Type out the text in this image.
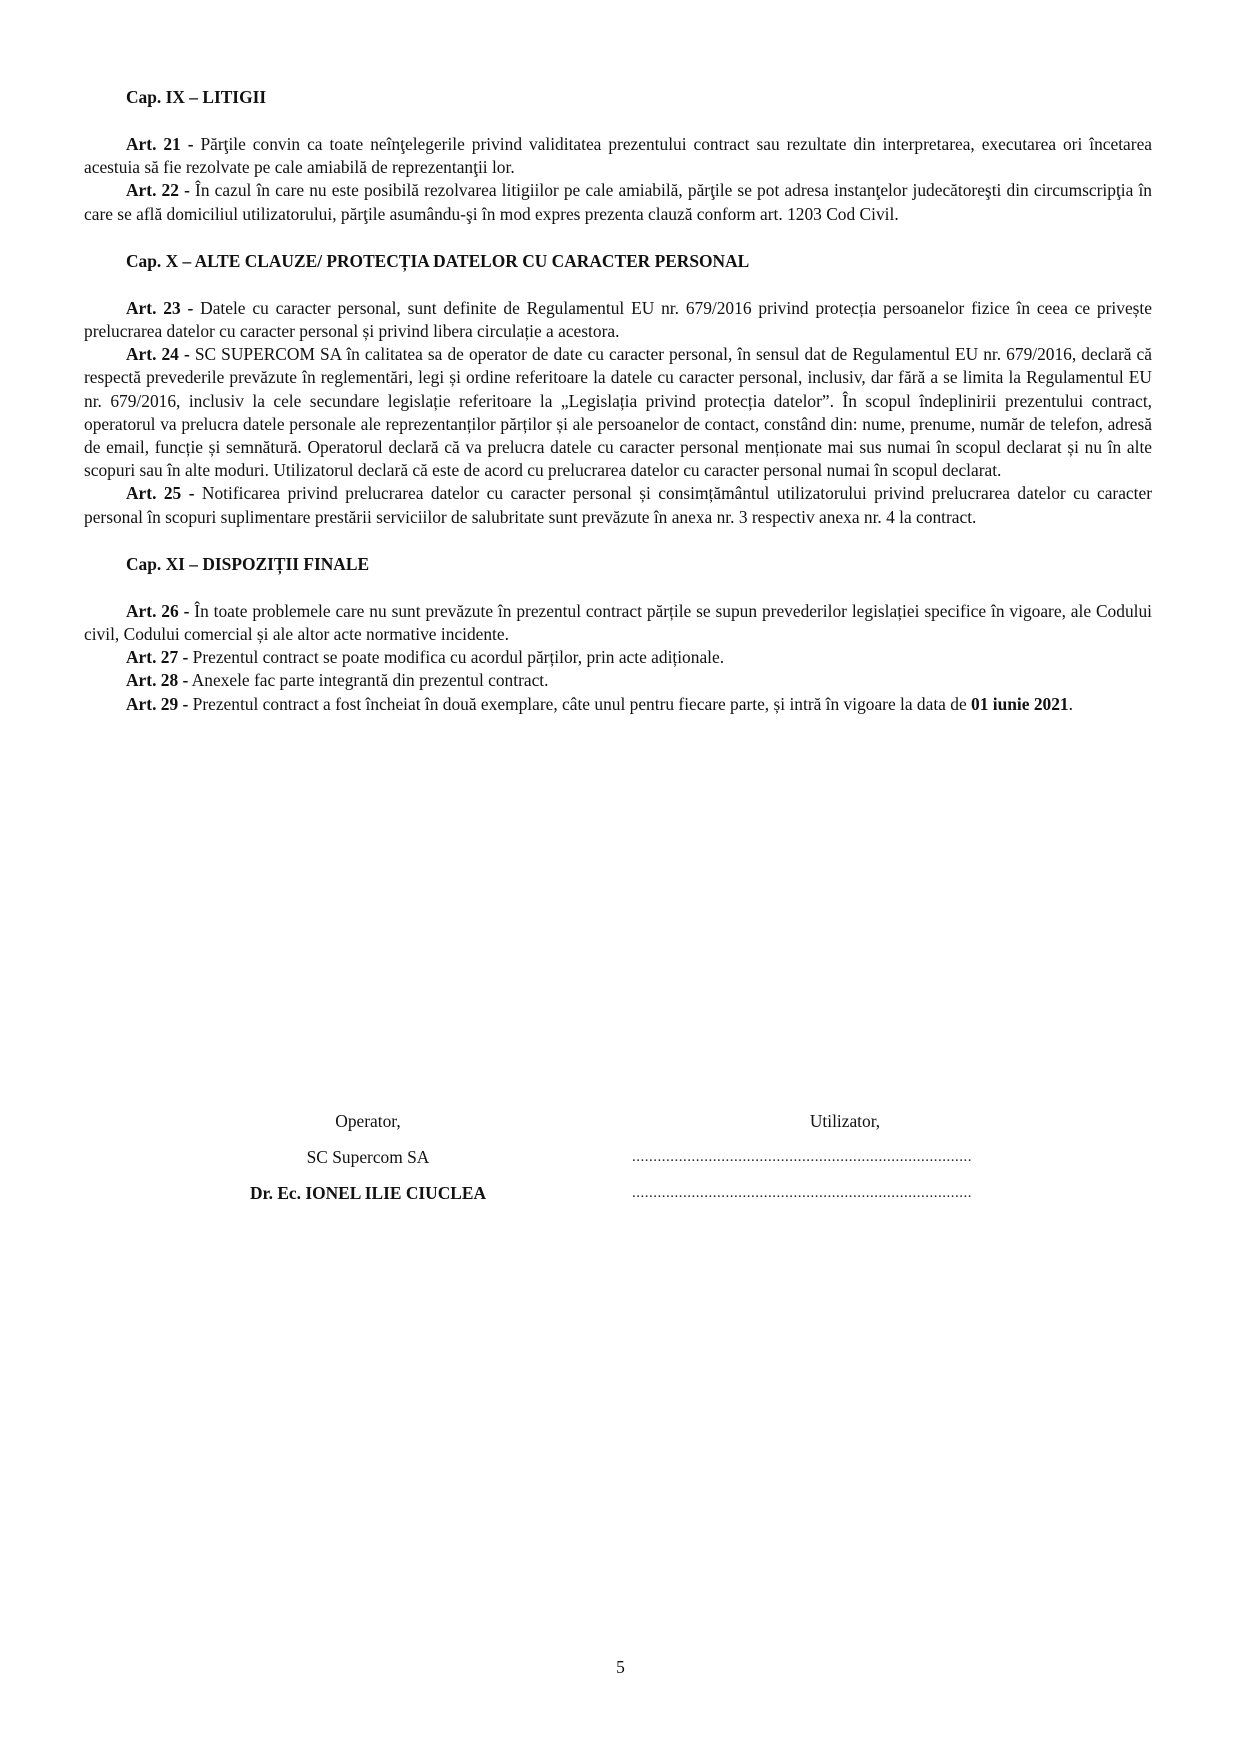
Cap. IX – LITIGII

Art. 21 - Părţile convin ca toate neînţelegerile privind validitatea prezentului contract sau rezultate din interpretarea, executarea ori încetarea acestuia să fie rezolvate pe cale amiabilă de reprezentanţii lor.

Art. 22 - În cazul în care nu este posibilă rezolvarea litigiilor pe cale amiabilă, părţile se pot adresa instanţelor judecătoreşti din circumscripţia în care se află domiciliul utilizatorului, părţile asumându-şi în mod expres prezenta clauză conform art. 1203 Cod Civil.

Cap. X – ALTE CLAUZE/ PROTECȚIA DATELOR CU CARACTER PERSONAL

Art. 23 - Datele cu caracter personal, sunt definite de Regulamentul EU nr. 679/2016 privind protecția persoanelor fizice în ceea ce privește prelucrarea datelor cu caracter personal și privind libera circulație a acestora.

Art. 24 - SC SUPERCOM SA în calitatea sa de operator de date cu caracter personal, în sensul dat de Regulamentul EU nr. 679/2016, declară că respectă prevederile prevăzute în reglementări, legi și ordine referitoare la datele cu caracter personal, inclusiv, dar fără a se limita la Regulamentul EU nr. 679/2016, inclusiv la cele secundare legislație referitoare la „Legislația privind protecția datelor”. În scopul îndeplinirii prezentului contract, operatorul va prelucra datele personale ale reprezentanților părților și ale persoanelor de contact, constând din: nume, prenume, număr de telefon, adresă de email, funcție și semnătură. Operatorul declară că va prelucra datele cu caracter personal menționate mai sus numai în scopul declarat și nu în alte scopuri sau în alte moduri. Utilizatorul declară că este de acord cu prelucrarea datelor cu caracter personal numai în scopul declarat.

Art. 25 - Notificarea privind prelucrarea datelor cu caracter personal și consimțământul utilizatorului privind prelucrarea datelor cu caracter personal în scopuri suplimentare prestării serviciilor de salubritate sunt prevăzute în anexa nr. 3 respectiv anexa nr. 4 la contract.

Cap. XI – DISPOZIȚII FINALE

Art. 26 - În toate problemele care nu sunt prevăzute în prezentul contract părțile se supun prevederilor legislației specifice în vigoare, ale Codului civil, Codului comercial și ale altor acte normative incidente.

Art. 27 - Prezentul contract se poate modifica cu acordul părților, prin acte adiționale.

Art. 28 - Anexele fac parte integrantă din prezentul contract.

Art. 29 - Prezentul contract a fost încheiat în două exemplare, câte unul pentru fiecare parte, și intră în vigoare la data de 01 iunie 2021.

Operator,	Utilizator,
SC Supercom SA	................................................................................
Dr. Ec. IONEL ILIE CIUCLEA	................................................................................
5
